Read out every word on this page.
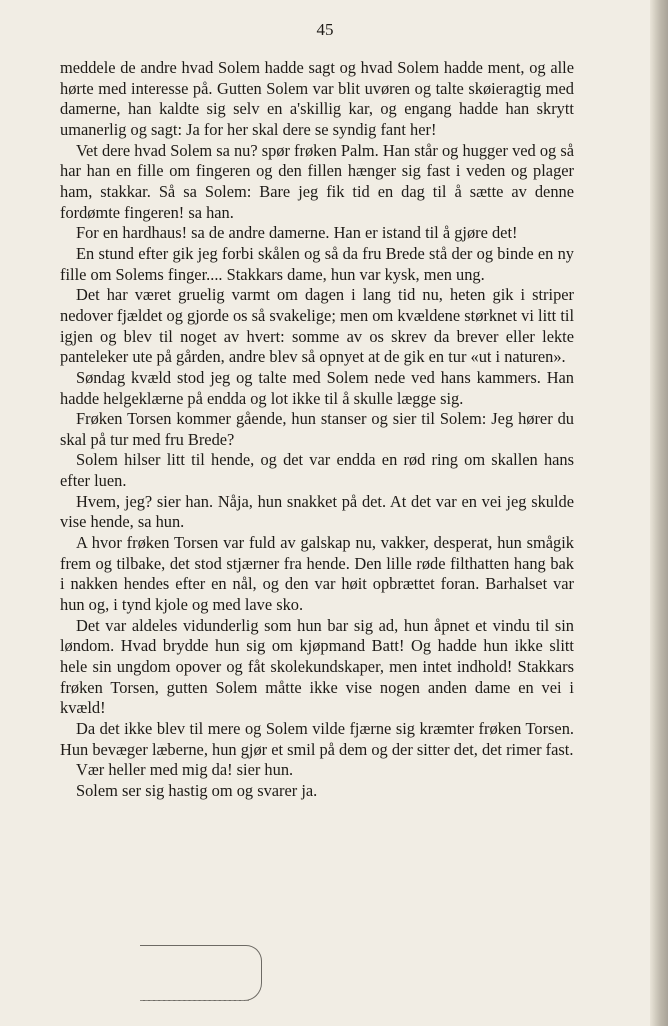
45

meddele de andre hvad Solem hadde sagt og hvad Solem hadde ment, og alle hørte med interesse på. Gutten Solem var blit uvøren og talte skøieragtig med damerne, han kaldte sig selv en a'skillig kar, og engang hadde han skrytt umanerlig og sagt: Ja for her skal dere se syndig fant her!

Vet dere hvad Solem sa nu? spør frøken Palm. Han står og hugger ved og så har han en fille om fingeren og den fillen hænger sig fast i veden og plager ham, stakkar. Så sa Solem: Bare jeg fik tid en dag til å sætte av denne fordømte fingeren! sa han.

For en hardhaus! sa de andre damerne. Han er istand til å gjøre det!

En stund efter gik jeg forbi skålen og så da fru Brede stå der og binde en ny fille om Solems finger.... Stakkars dame, hun var kysk, men ung.

Det har været gruelig varmt om dagen i lang tid nu, heten gik i striper nedover fjældet og gjorde os så svakelige; men om kvældene størknet vi litt til igjen og blev til noget av hvert: somme av os skrev da brever eller lekte panteleker ute på gården, andre blev så opnyet at de gik en tur «ut i naturen».

Søndag kvæld stod jeg og talte med Solem nede ved hans kammers. Han hadde helgeklærne på endda og lot ikke til å skulle lægge sig.

Frøken Torsen kommer gående, hun stanser og sier til Solem: Jeg hører du skal på tur med fru Brede?

Solem hilser litt til hende, og det var endda en rød ring om skallen hans efter luen.

Hvem, jeg? sier han. Nåja, hun snakket på det. At det var en vei jeg skulde vise hende, sa hun.

A hvor frøken Torsen var fuld av galskap nu, vakker, desperat, hun smågik frem og tilbake, det stod stjærner fra hende. Den lille røde filthatten hang bak i nakken hendes efter en nål, og den var høit opbrættet foran. Barhalset var hun og, i tynd kjole og med lave sko.

Det var aldeles vidunderlig som hun bar sig ad, hun åpnet et vindu til sin løndom. Hvad brydde hun sig om kjøpmand Batt! Og hadde hun ikke slitt hele sin ungdom opover og fåt skolekundskaper, men intet indhold! Stakkars frøken Torsen, gutten Solem måtte ikke vise nogen anden dame en vei i kvæld!

Da det ikke blev til mere og Solem vilde fjærne sig kræmter frøken Torsen. Hun bevæger læberne, hun gjør et smil på dem og der sitter det, det rimer fast.

Vær heller med mig da! sier hun.

Solem ser sig hastig om og svarer ja.
